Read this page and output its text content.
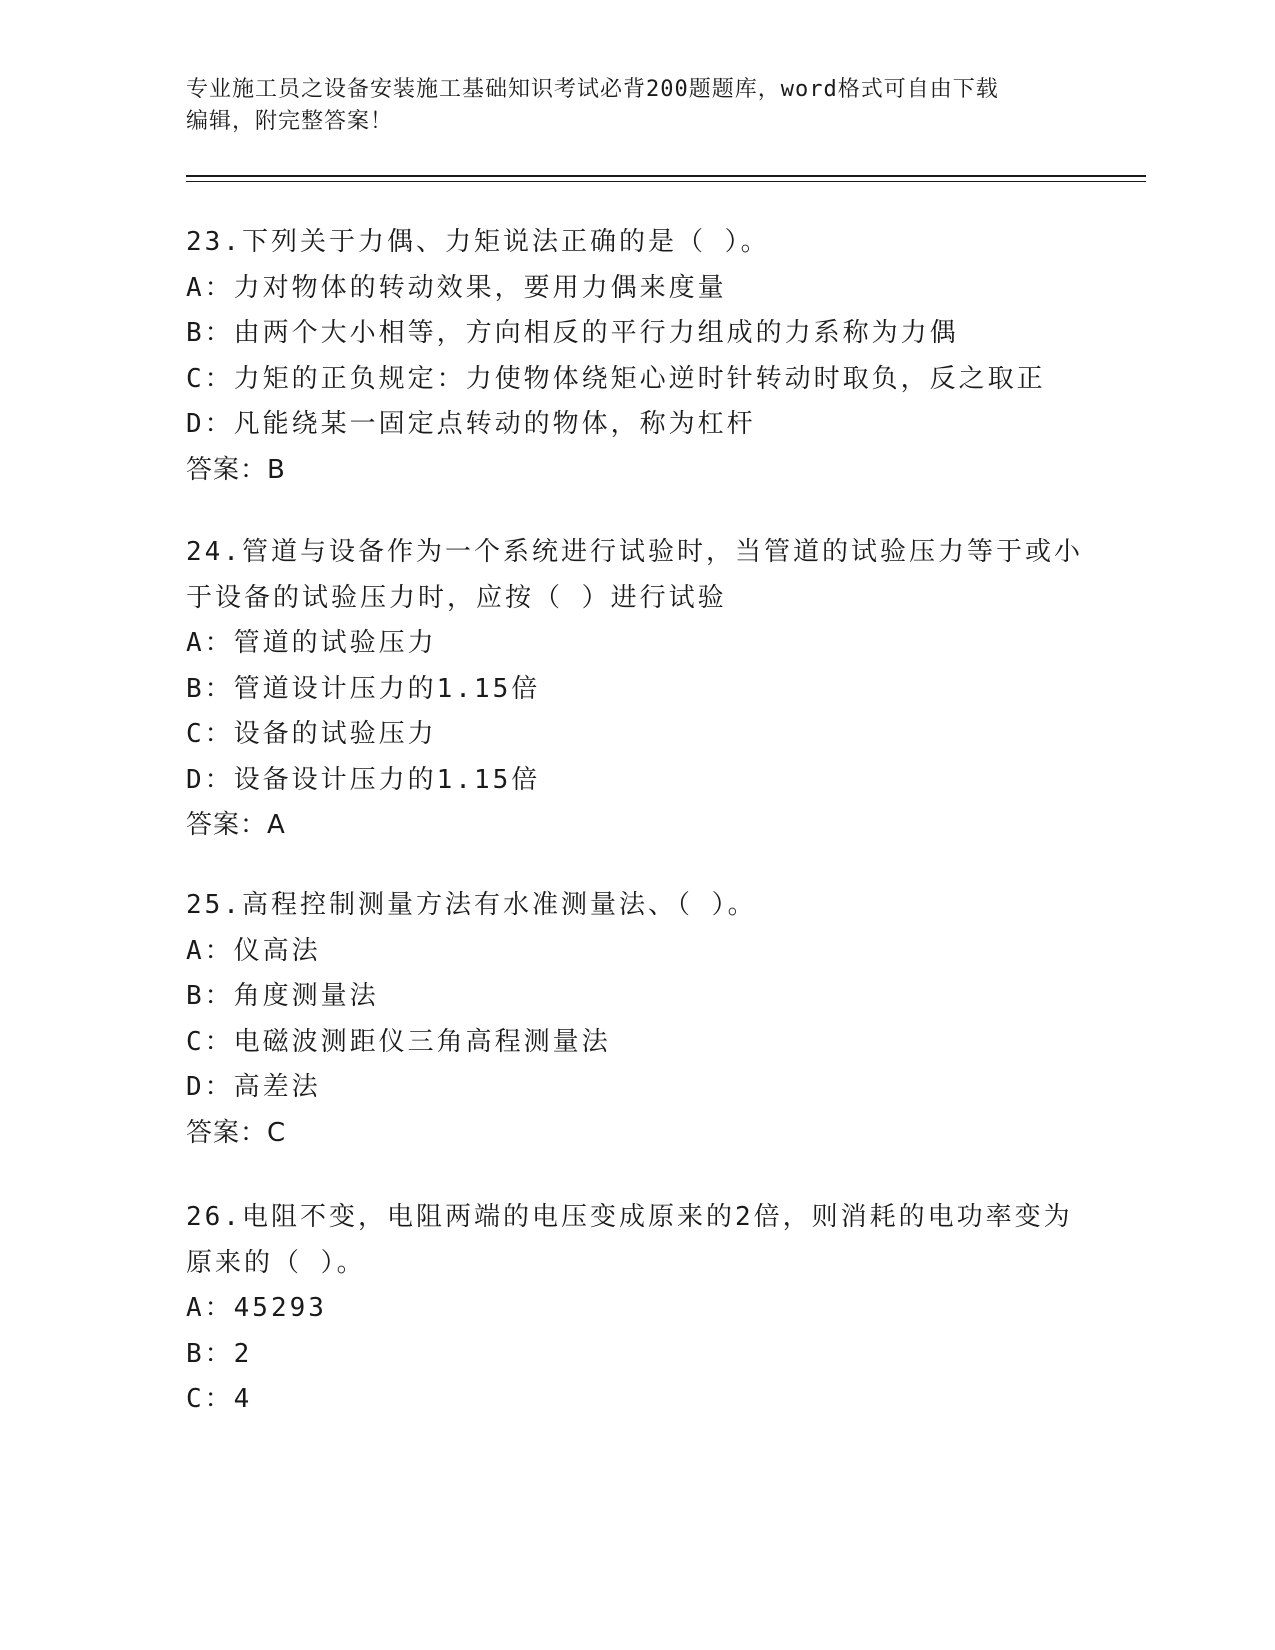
专业施工员之设备安装施工基础知识考试必背200题题库，word格式可自由下载
编辑，附完整答案！
23.下列关于力偶、力矩说法正确的是（ ）。
A：力对物体的转动效果，要用力偶来度量
B：由两个大小相等，方向相反的平行力组成的力系称为力偶
C：力矩的正负规定：力使物体绕矩心逆时针转动时取负，反之取正
D：凡能绕某一固定点转动的物体，称为杠杆
答案：B
24.管道与设备作为一个系统进行试验时，当管道的试验压力等于或小
于设备的试验压力时，应按（ ）进行试验
A：管道的试验压力
B：管道设计压力的1.15倍
C：设备的试验压力
D：设备设计压力的1.15倍
答案：A
25.高程控制测量方法有水准测量法、（ ）。
A：仪高法
B：角度测量法
C：电磁波测距仪三角高程测量法
D：高差法
答案：C
26.电阻不变，电阻两端的电压变成原来的2倍，则消耗的电功率变为
原来的（ ）。
A：45293
B：2
C：4
